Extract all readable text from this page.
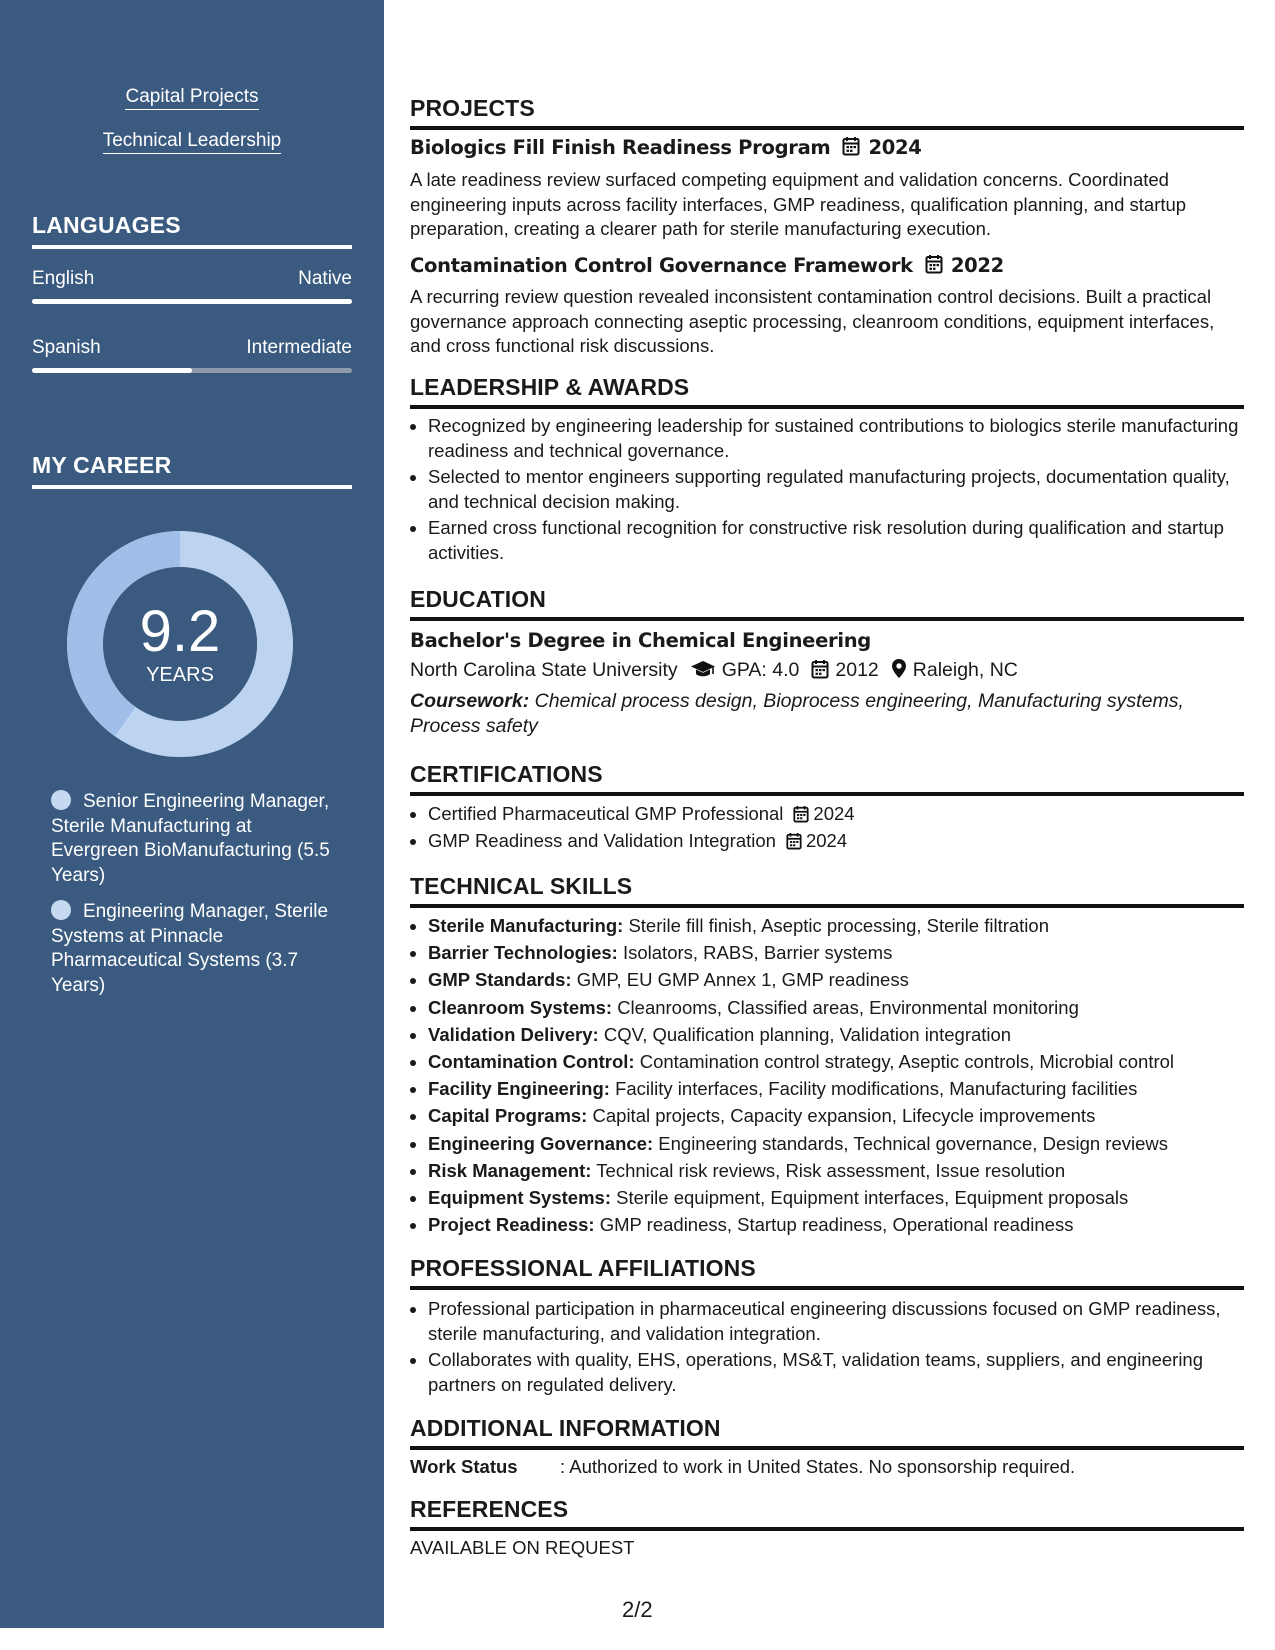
Capital Projects
Technical Leadership
LANGUAGES
English	Native
Spanish	Intermediate
MY CAREER
9.2
YEARS
Senior Engineering Manager, Sterile Manufacturing at Evergreen BioManufacturing (5.5 Years)
Engineering Manager, Sterile Systems at Pinnacle Pharmaceutical Systems (3.7 Years)
PROJECTS
Biologics Fill Finish Readiness Program 2024
A late readiness review surfaced competing equipment and validation concerns. Coordinated engineering inputs across facility interfaces, GMP readiness, qualification planning, and startup preparation, creating a clearer path for sterile manufacturing execution.
Contamination Control Governance Framework 2022
A recurring review question revealed inconsistent contamination control decisions. Built a practical governance approach connecting aseptic processing, cleanroom conditions, equipment interfaces, and cross functional risk discussions.
LEADERSHIP & AWARDS
• Recognized by engineering leadership for sustained contributions to biologics sterile manufacturing readiness and technical governance.
• Selected to mentor engineers supporting regulated manufacturing projects, documentation quality, and technical decision making.
• Earned cross functional recognition for constructive risk resolution during qualification and startup activities.
EDUCATION
Bachelor's Degree in Chemical Engineering
North Carolina State University GPA: 4.0 2012 Raleigh, NC
Coursework: Chemical process design, Bioprocess engineering, Manufacturing systems, Process safety
CERTIFICATIONS
• Certified Pharmaceutical GMP Professional 2024
• GMP Readiness and Validation Integration 2024
TECHNICAL SKILLS
• Sterile Manufacturing: Sterile fill finish, Aseptic processing, Sterile filtration
• Barrier Technologies: Isolators, RABS, Barrier systems
• GMP Standards: GMP, EU GMP Annex 1, GMP readiness
• Cleanroom Systems: Cleanrooms, Classified areas, Environmental monitoring
• Validation Delivery: CQV, Qualification planning, Validation integration
• Contamination Control: Contamination control strategy, Aseptic controls, Microbial control
• Facility Engineering: Facility interfaces, Facility modifications, Manufacturing facilities
• Capital Programs: Capital projects, Capacity expansion, Lifecycle improvements
• Engineering Governance: Engineering standards, Technical governance, Design reviews
• Risk Management: Technical risk reviews, Risk assessment, Issue resolution
• Equipment Systems: Sterile equipment, Equipment interfaces, Equipment proposals
• Project Readiness: GMP readiness, Startup readiness, Operational readiness
PROFESSIONAL AFFILIATIONS
• Professional participation in pharmaceutical engineering discussions focused on GMP readiness, sterile manufacturing, and validation integration.
• Collaborates with quality, EHS, operations, MS&T, validation teams, suppliers, and engineering partners on regulated delivery.
ADDITIONAL INFORMATION
Work Status : Authorized to work in United States. No sponsorship required.
REFERENCES
AVAILABLE ON REQUEST
2/2
